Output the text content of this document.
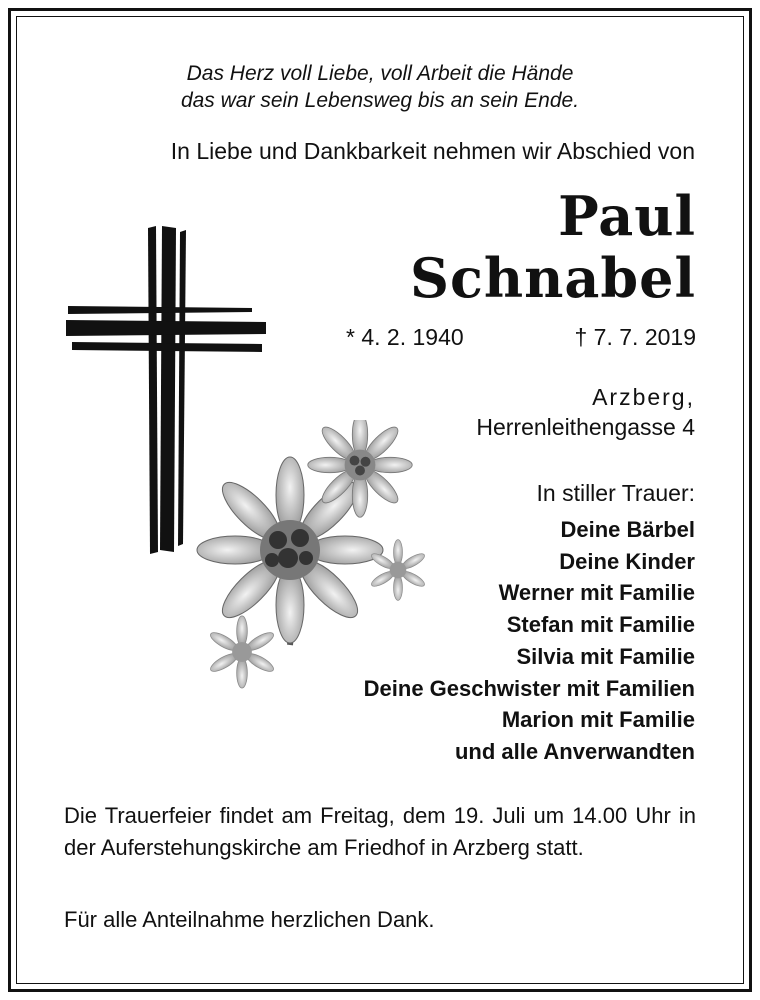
Das Herz voll Liebe, voll Arbeit die Hände
das war sein Lebensweg bis an sein Ende.
In Liebe und Dankbarkeit nehmen wir Abschied von
Paul
Schnabel
* 4. 2. 1940	† 7. 7. 2019
Arzberg,
Herrenleithengasse 4
In stiller Trauer:
Deine Bärbel
Deine Kinder
Werner mit Familie
Stefan mit Familie
Silvia mit Familie
Deine Geschwister mit Familien
Marion mit Familie
und alle Anverwandten
Die Trauerfeier findet am Freitag, dem 19. Juli um 14.00 Uhr in der Auferstehungskirche am Friedhof in Arzberg statt.
Für alle Anteilnahme herzlichen Dank.
